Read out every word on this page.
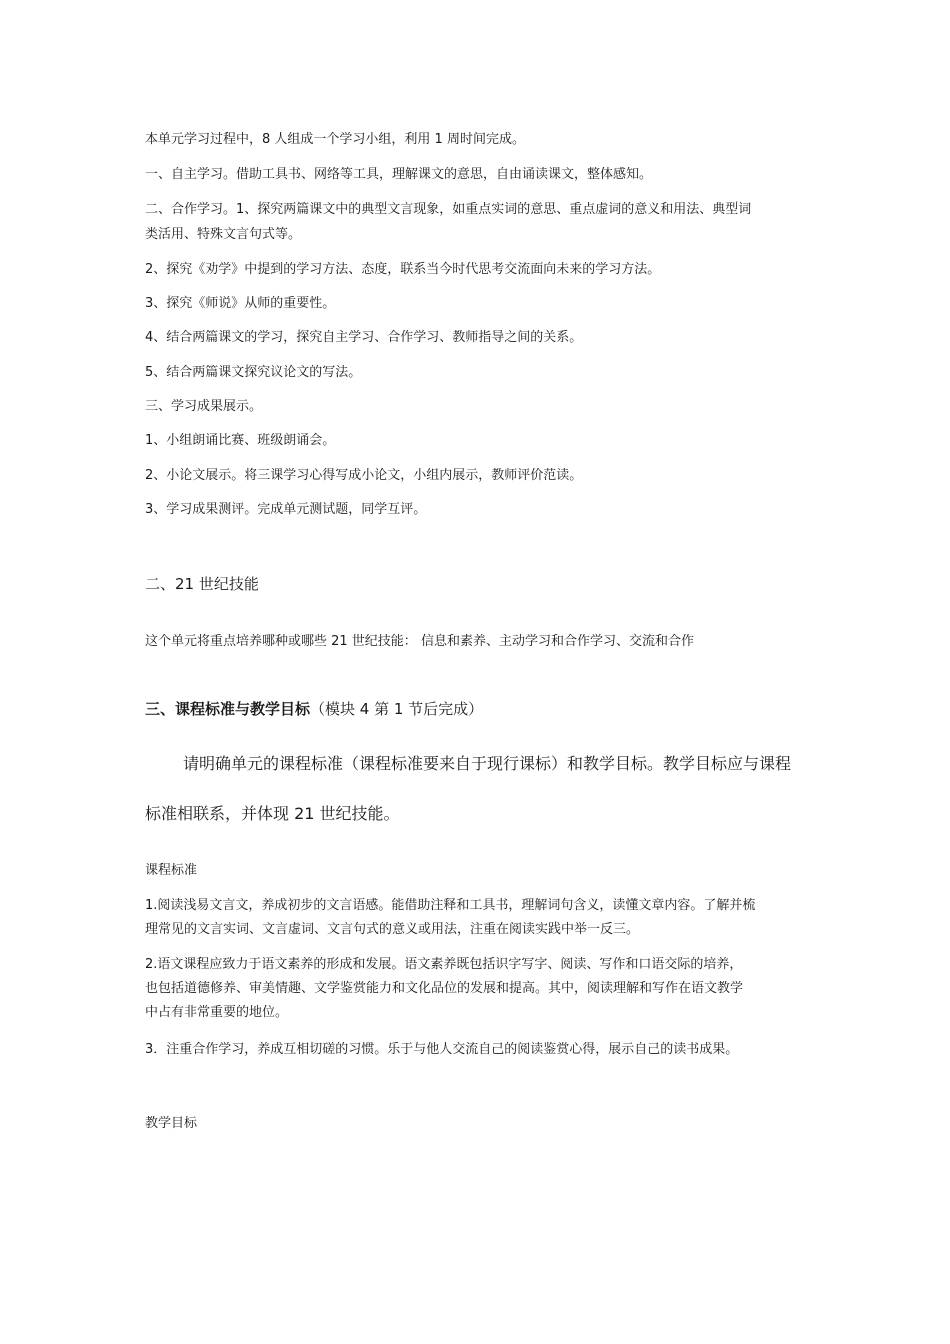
本单元学习过程中，8 人组成一个学习小组，利用 1 周时间完成。
一、自主学习。借助工具书、网络等工具，理解课文的意思，自由诵读课文，整体感知。
二、合作学习。1、探究两篇课文中的典型文言现象，如重点实词的意思、重点虚词的意义和用法、典型词
类活用、特殊文言句式等。
2、探究《劝学》中提到的学习方法、态度，联系当今时代思考交流面向未来的学习方法。
3、探究《师说》从师的重要性。
4、结合两篇课文的学习，探究自主学习、合作学习、教师指导之间的关系。
5、结合两篇课文探究议论文的写法。
三、学习成果展示。
1、小组朗诵比赛、班级朗诵会。
2、小论文展示。将三课学习心得写成小论文，小组内展示，教师评价范读。
3、学习成果测评。完成单元测试题，同学互评。
二、21 世纪技能
这个单元将重点培养哪种或哪些 21 世纪技能： 信息和素养、主动学习和合作学习、交流和合作
三、课程标准与教学目标（模块 4 第 1 节后完成）
请明确单元的课程标准（课程标准要来自于现行课标）和教学目标。教学目标应与课程
标准相联系，并体现 21 世纪技能。
课程标准
1.阅读浅易文言文，养成初步的文言语感。能借助注释和工具书，理解词句含义，读懂文章内容。了解并梳
理常见的文言实词、文言虚词、文言句式的意义或用法，注重在阅读实践中举一反三。
2.语文课程应致力于语文素养的形成和发展。语文素养既包括识字写字、阅读、写作和口语交际的培养，
也包括道德修养、审美情趣、文学鉴赏能力和文化品位的发展和提高。其中，阅读理解和写作在语文教学
中占有非常重要的地位。
3．注重合作学习，养成互相切磋的习惯。乐于与他人交流自己的阅读鉴赏心得，展示自己的读书成果。
教学目标
